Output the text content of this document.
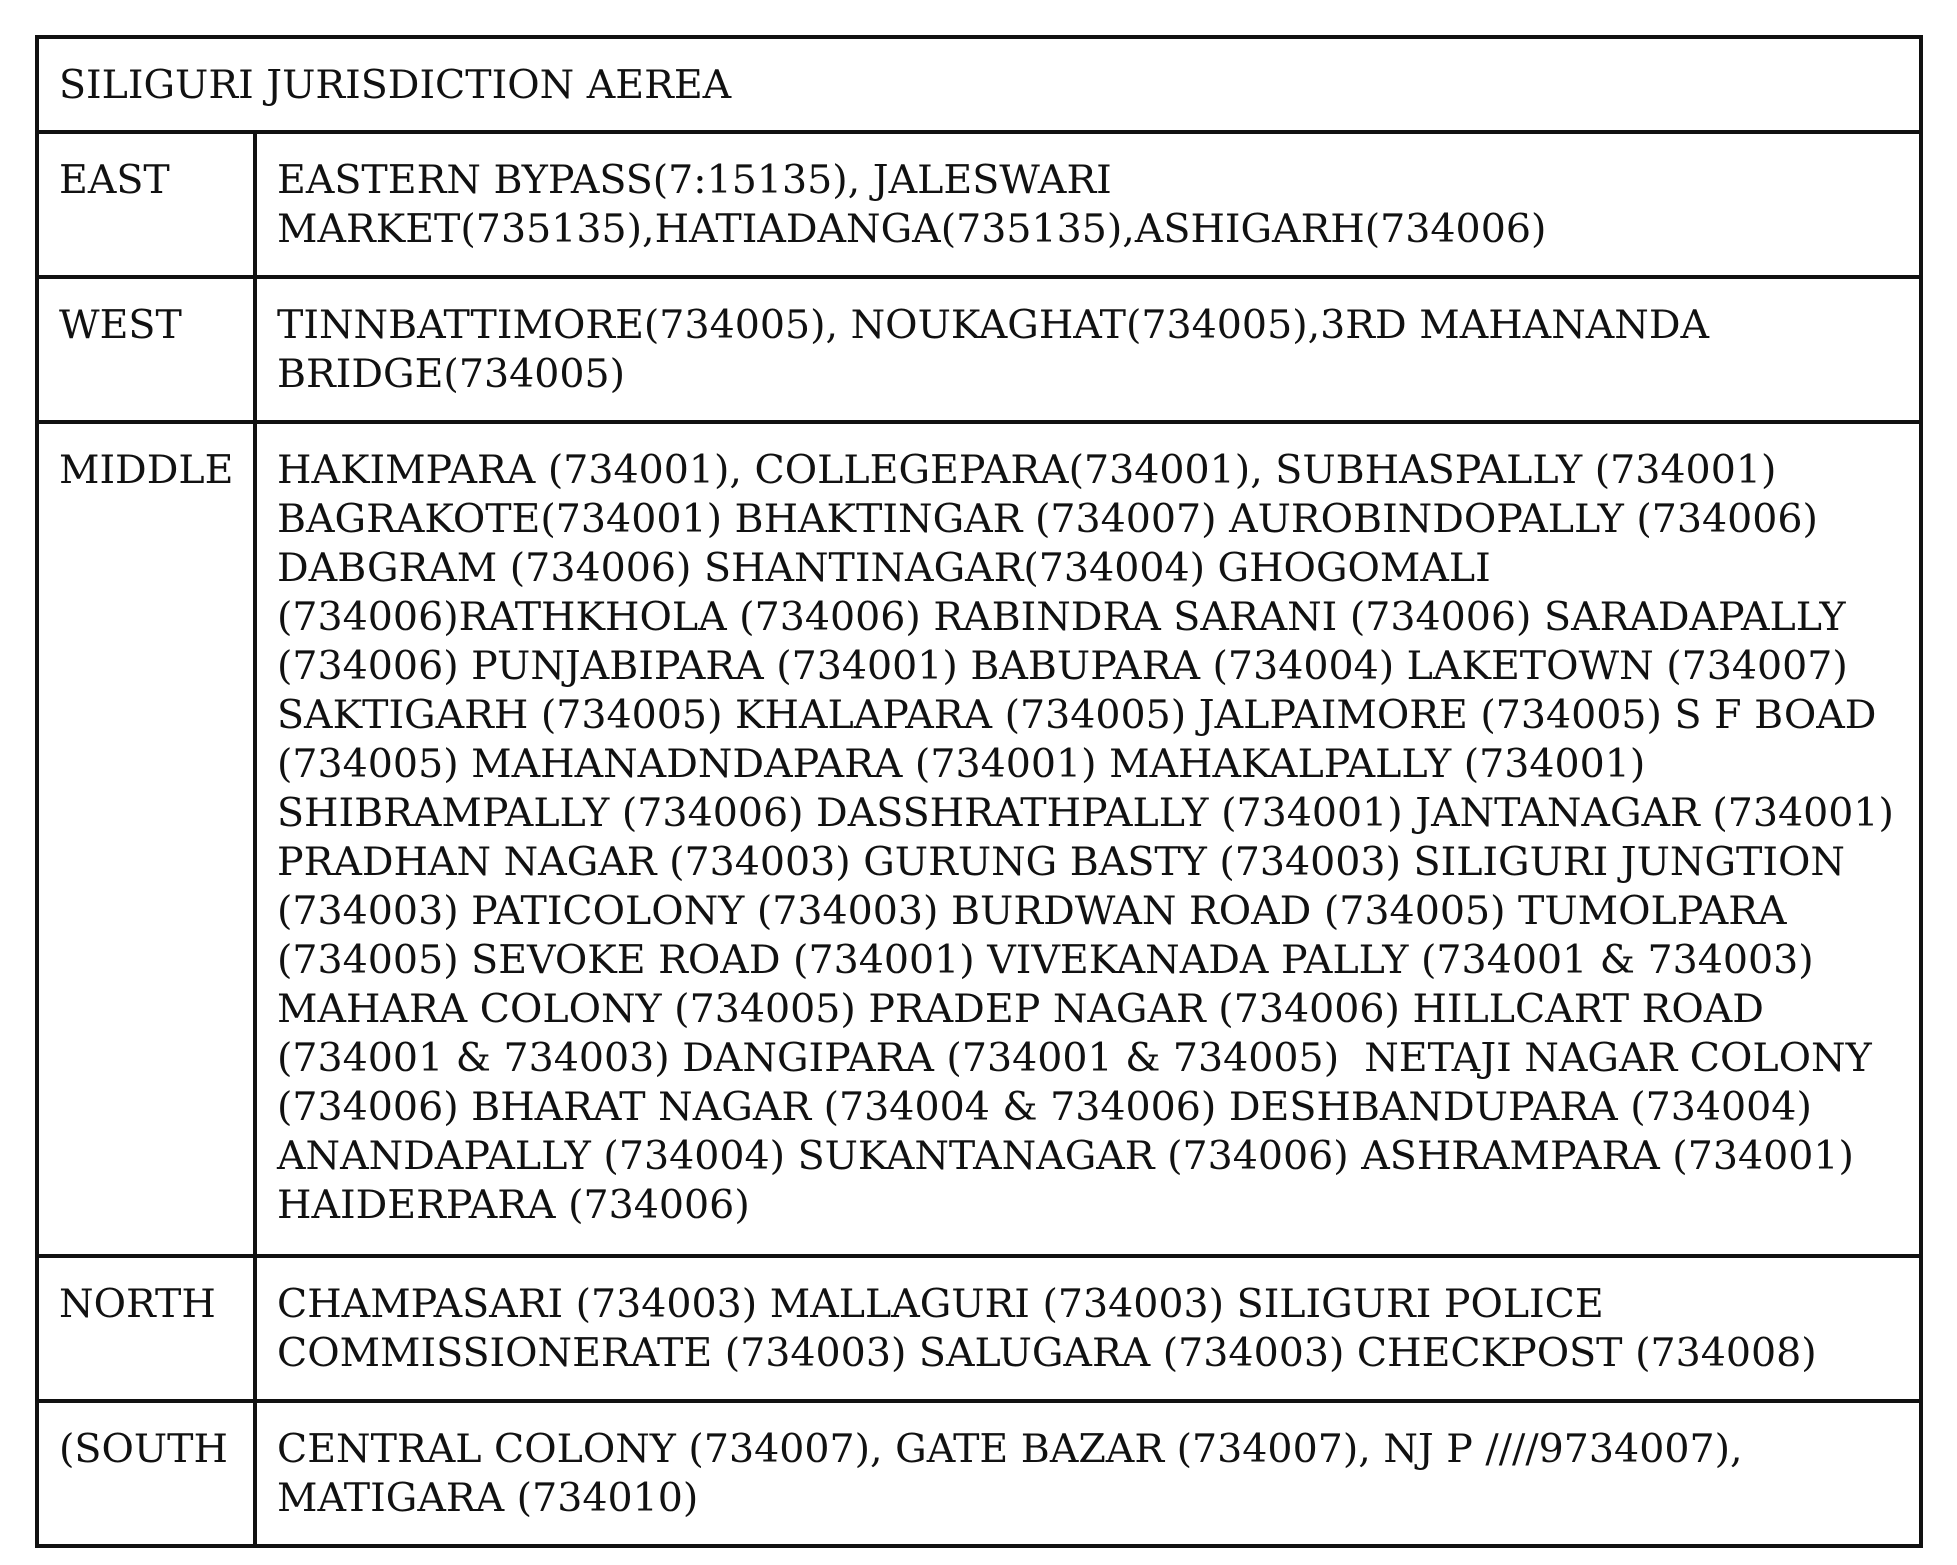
SILIGURI JURISDICTION AEREA	
EAST	EASTERN BYPASS(7:15135), JALESWARI MARKET(735135),HATIADANGA(735135),ASHIGARH(734006)
WEST	TINNBATTIMORE(734005), NOUKAGHAT(734005),3RD MAHANANDA BRIDGE(734005)
MIDDLE	HAKIMPARA (734001), COLLEGEPARA(734001), SUBHASPALLY (734001) BAGRAKOTE(734001) BHAKTINGAR (734007) AUROBINDOPALLY (734006) DABGRAM (734006) SHANTINAGAR(734004) GHOGOMALI (734006)RATHKHOLA (734006) RABINDRA SARANI (734006) SARADAPALLY (734006) PUNJABIPARA (734001) BABUPARA (734004) LAKETOWN (734007) SAKTIGARH (734005) KHALAPARA (734005) JALPAIMORE (734005) S F BOAD (734005) MAHANADNDAPARA (734001) MAHAKALPALLY (734001) SHIBRAMPALLY (734006) DASSHRATHPALLY (734001) JANTANAGAR (734001) PRADHAN NAGAR (734003) GURUNG BASTY (734003) SILIGURI JUNGTION (734003) PATICOLONY (734003) BURDWAN ROAD (734005) TUMOLPARA (734005) SEVOKE ROAD (734001) VIVEKANADA PALLY (734001 & 734003) MAHARA COLONY (734005) PRADEP NAGAR (734006) HILLCART ROAD (734001 & 734003) DANGIPARA (734001 & 734005)  NETAJI NAGAR COLONY (734006) BHARAT NAGAR (734004 & 734006) DESHBANDUPARA (734004) ANANDAPALLY (734004) SUKANTANAGAR (734006) ASHRAMPARA (734001) HAIDERPARA (734006)
NORTH	CHAMPASARI (734003) MALLAGURI (734003) SILIGURI POLICE COMMISSIONERATE (734003) SALUGARA (734003) CHECKPOST (734008)
(SOUTH	CENTRAL COLONY (734007), GATE BAZAR (734007), NJ P ////9734007), MATIGARA (734010)
